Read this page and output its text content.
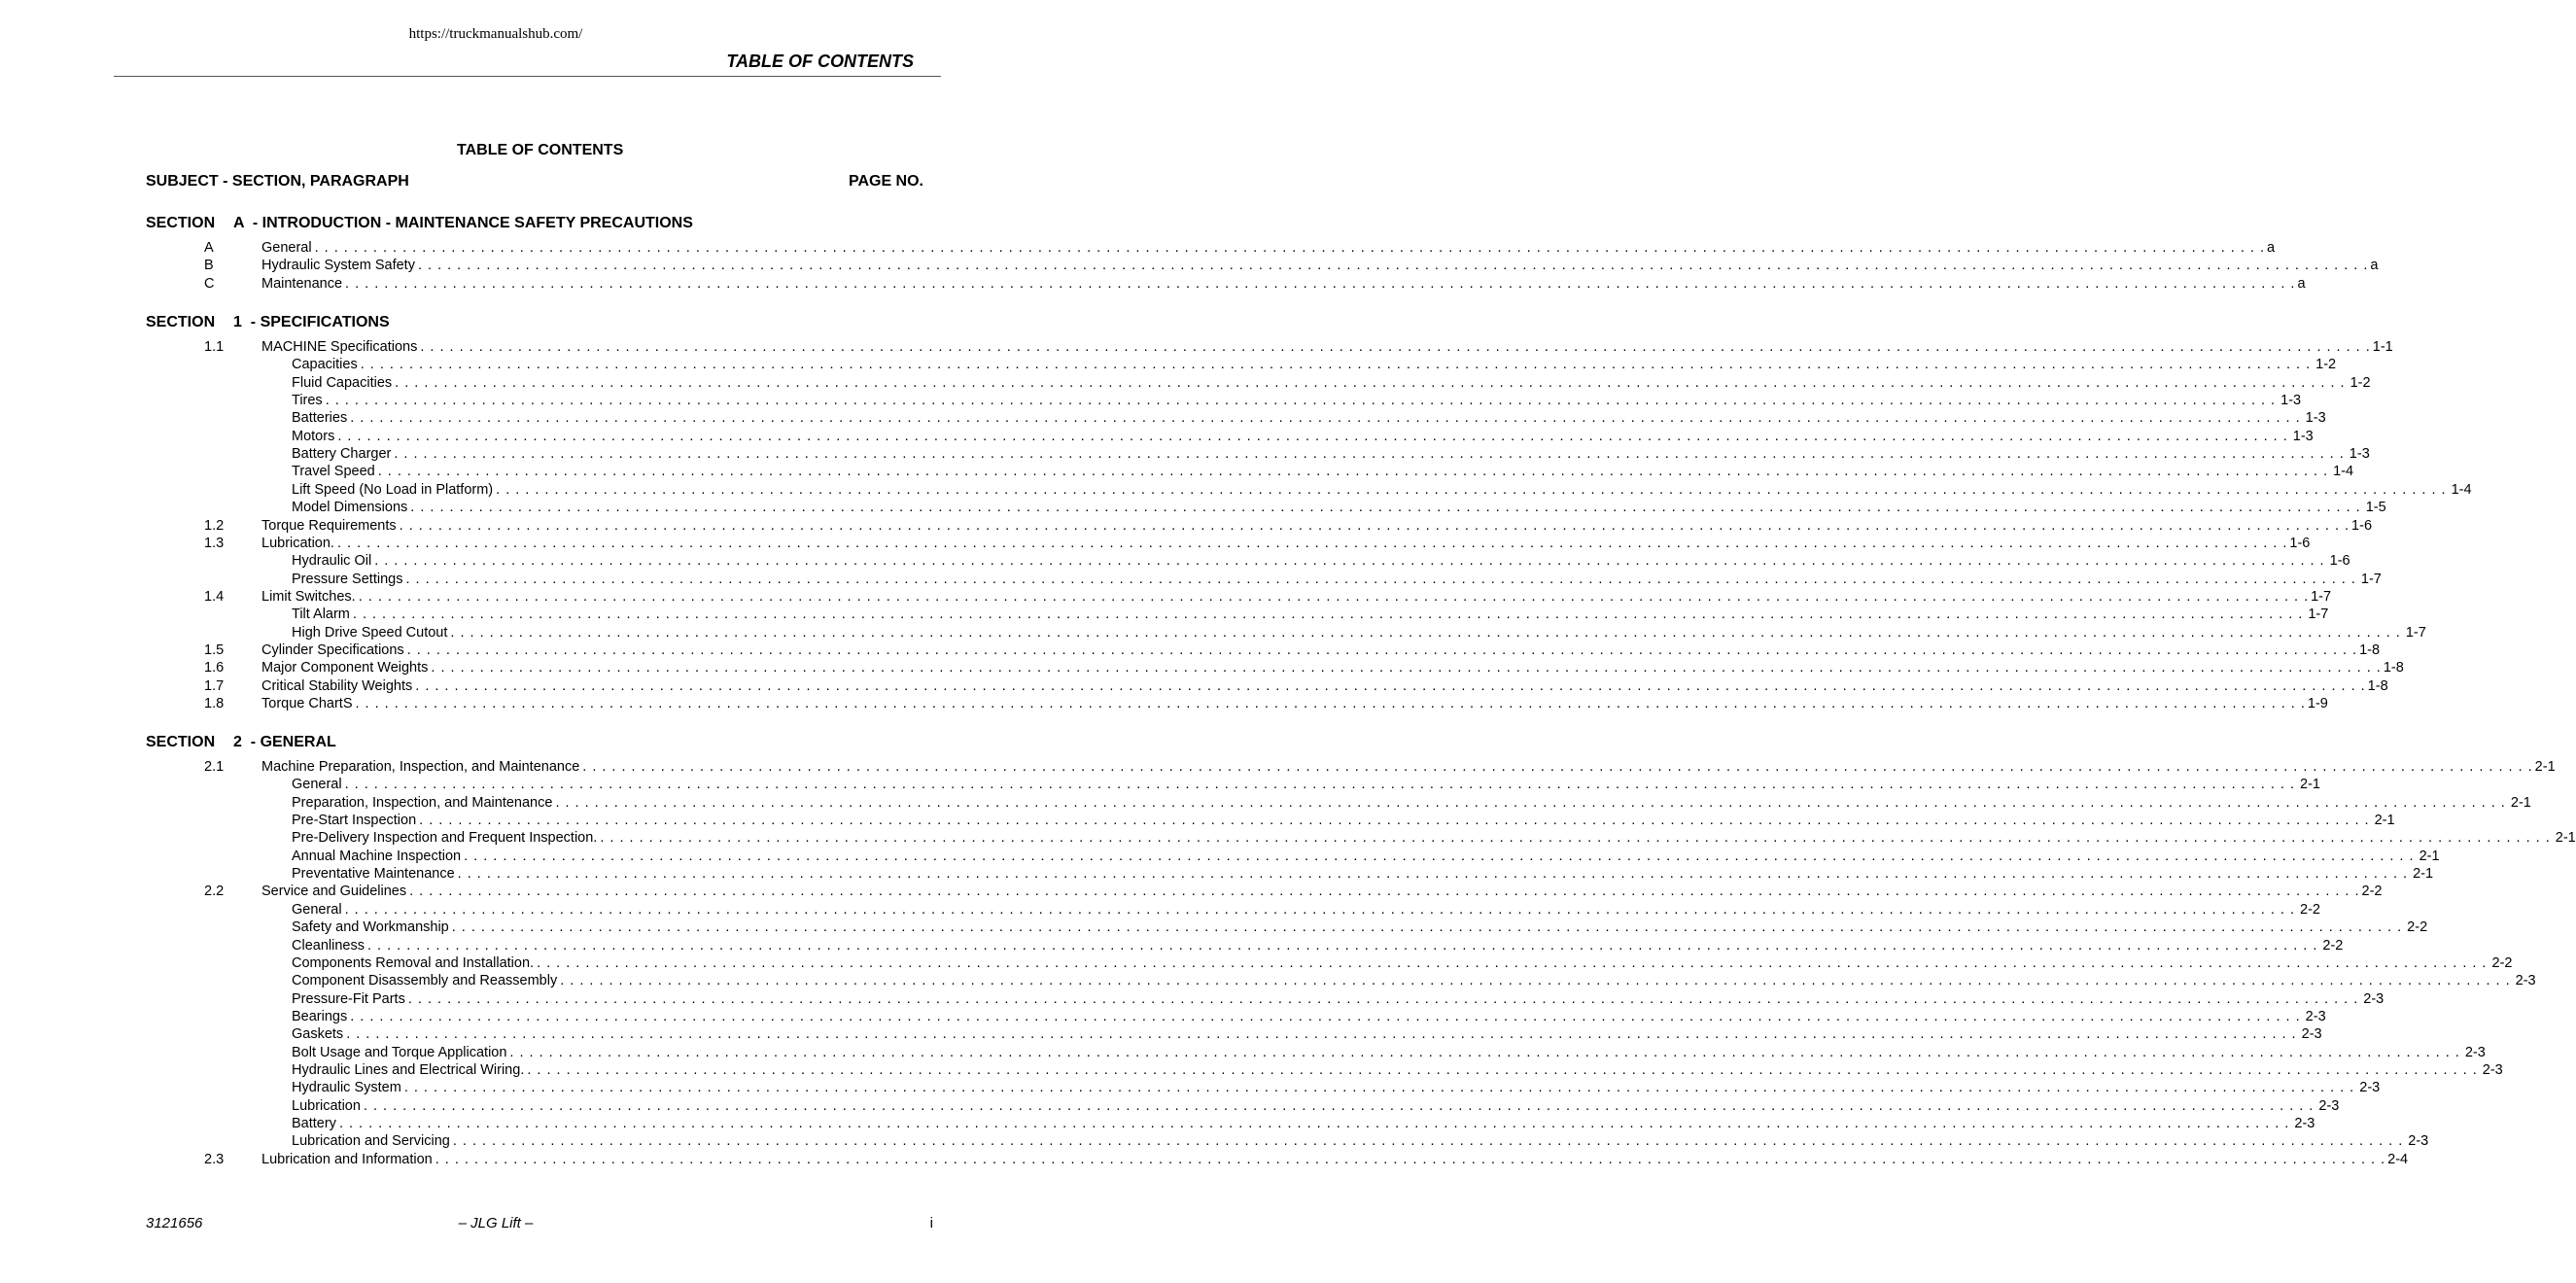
https://truckmanualshub.com/
TABLE OF CONTENTS
TABLE OF CONTENTS
SUBJECT - SECTION, PARAGRAPH	PAGE NO.
SECTION A  - INTRODUCTION - MAINTENANCE SAFETY PRECAUTIONS
A	General . . . . . . . . . . . . . . . . . . . . . . . . . . . . . . . . . . . . . . . . . . . . . . . . . . . . . . . . . . . . . . . . . . . . . . . . . . . . . . . . . . . . . . . . . . . . . . . . . . . . . . . . . . . . . . . . . . . . . . . . . . . . . . . . . . . . . . . . . . . . . . . . . . . . . . . . . . . . . . . . . . . . . . . . . . . . . . . . . . . . . . . . . . . . . . . . . . . . . . . . a
B	Hydraulic System Safety . . . . . . . . . . . . . . . . . . . . . . . . . . . . . . . . . . . . . . . . . . . . . . . . . . . . . . . . . . . . . . . . . . . . . . . . . . . . . . . . . . . . . . . . . . . . . . . . . . . . . . . . . . . . . . . . . . . . . . . . . . . . . . . . . . . . . . . . . . . . . . . . . . . . . . . . . . . . . . . . . . . . . . . . . . . . . . . . . . . . . . . . . . . . . . . . . . . . . . . . a
C	Maintenance . . . . . . . . . . . . . . . . . . . . . . . . . . . . . . . . . . . . . . . . . . . . . . . . . . . . . . . . . . . . . . . . . . . . . . . . . . . . . . . . . . . . . . . . . . . . . . . . . . . . . . . . . . . . . . . . . . . . . . . . . . . . . . . . . . . . . . . . . . . . . . . . . . . . . . . . . . . . . . . . . . . . . . . . . . . . . . . . . . . . . . . . . . . . . . . . . . . . . . . . a
SECTION 1  - SPECIFICATIONS
1.1	MACHINE Specifications . . . . . . . . . . . . . . . . . . . . . . . . . . . . . . . . . . . . . . . . . . . . . . . . . . . . . . . . . . . . . . . . . . . . . . . . . . . . . . . . . . . . . . . . . . . . . . . . . . . . . . . . . . . . . . . . . . . . . . . . . . . . . . . . . . . . . . . . . . . . . . . . . . . . . . . . . . . . . . . . . . . . . . . . . . . . . . . . . . . . . . . . . . . . . . . . . . . . . . . . 1-1
Capacities . . . . . . . . . . . . . . . . . . . . . . . . . . . . . . . . . . . . . . . . . . . . . . . . . . . . . . . . . . . . . . . . . . . . . . . . . . . . . . . . . . . . . . . . . . . . . . . . . . . . . . . . . . . . . . . . . . . . . . . . . . . . . . . . . . . . . . . . . . . . . . . . . . . . . . . . . . . . . . . . . . . . . . . . . . . . . . . . . . . . . . . . . . . . . . . . . . . . . . . . 1-2
Fluid Capacities . . . . . . . . . . . . . . . . . . . . . . . . . . . . . . . . . . . . . . . . . . . . . . . . . . . . . . . . . . . . . . . . . . . . . . . . . . . . . . . . . . . . . . . . . . . . . . . . . . . . . . . . . . . . . . . . . . . . . . . . . . . . . . . . . . . . . . . . . . . . . . . . . . . . . . . . . . . . . . . . . . . . . . . . . . . . . . . . . . . . . . . . . . . . . . . . . . . . . . . . 1-2
Tires . . . . . . . . . . . . . . . . . . . . . . . . . . . . . . . . . . . . . . . . . . . . . . . . . . . . . . . . . . . . . . . . . . . . . . . . . . . . . . . . . . . . . . . . . . . . . . . . . . . . . . . . . . . . . . . . . . . . . . . . . . . . . . . . . . . . . . . . . . . . . . . . . . . . . . . . . . . . . . . . . . . . . . . . . . . . . . . . . . . . . . . . . . . . . . . . . . . . . . . . 1-3
Batteries . . . . . . . . . . . . . . . . . . . . . . . . . . . . . . . . . . . . . . . . . . . . . . . . . . . . . . . . . . . . . . . . . . . . . . . . . . . . . . . . . . . . . . . . . . . . . . . . . . . . . . . . . . . . . . . . . . . . . . . . . . . . . . . . . . . . . . . . . . . . . . . . . . . . . . . . . . . . . . . . . . . . . . . . . . . . . . . . . . . . . . . . . . . . . . . . . . . . . . . . 1-3
Motors . . . . . . . . . . . . . . . . . . . . . . . . . . . . . . . . . . . . . . . . . . . . . . . . . . . . . . . . . . . . . . . . . . . . . . . . . . . . . . . . . . . . . . . . . . . . . . . . . . . . . . . . . . . . . . . . . . . . . . . . . . . . . . . . . . . . . . . . . . . . . . . . . . . . . . . . . . . . . . . . . . . . . . . . . . . . . . . . . . . . . . . . . . . . . . . . . . . . . . . . 1-3
Battery Charger . . . . . . . . . . . . . . . . . . . . . . . . . . . . . . . . . . . . . . . . . . . . . . . . . . . . . . . . . . . . . . . . . . . . . . . . . . . . . . . . . . . . . . . . . . . . . . . . . . . . . . . . . . . . . . . . . . . . . . . . . . . . . . . . . . . . . . . . . . . . . . . . . . . . . . . . . . . . . . . . . . . . . . . . . . . . . . . . . . . . . . . . . . . . . . . . . . . . . . . . 1-3
Travel Speed . . . . . . . . . . . . . . . . . . . . . . . . . . . . . . . . . . . . . . . . . . . . . . . . . . . . . . . . . . . . . . . . . . . . . . . . . . . . . . . . . . . . . . . . . . . . . . . . . . . . . . . . . . . . . . . . . . . . . . . . . . . . . . . . . . . . . . . . . . . . . . . . . . . . . . . . . . . . . . . . . . . . . . . . . . . . . . . . . . . . . . . . . . . . . . . . . . . . . . . . 1-4
Lift Speed (No Load in Platform) . . . . . . . . . . . . . . . . . . . . . . . . . . . . . . . . . . . . . . . . . . . . . . . . . . . . . . . . . . . . . . . . . . . . . . . . . . . . . . . . . . . . . . . . . . . . . . . . . . . . . . . . . . . . . . . . . . . . . . . . . . . . . . . . . . . . . . . . . . . . . . . . . . . . . . . . . . . . . . . . . . . . . . . . . . . . . . . . . . . . . . . . . . . . . . . . . . . . . . . . 1-4
Model Dimensions . . . . . . . . . . . . . . . . . . . . . . . . . . . . . . . . . . . . . . . . . . . . . . . . . . . . . . . . . . . . . . . . . . . . . . . . . . . . . . . . . . . . . . . . . . . . . . . . . . . . . . . . . . . . . . . . . . . . . . . . . . . . . . . . . . . . . . . . . . . . . . . . . . . . . . . . . . . . . . . . . . . . . . . . . . . . . . . . . . . . . . . . . . . . . . . . . . . . . . . . 1-5
1.2	Torque Requirements . . . . . . . . . . . . . . . . . . . . . . . . . . . . . . . . . . . . . . . . . . . . . . . . . . . . . . . . . . . . . . . . . . . . . . . . . . . . . . . . . . . . . . . . . . . . . . . . . . . . . . . . . . . . . . . . . . . . . . . . . . . . . . . . . . . . . . . . . . . . . . . . . . . . . . . . . . . . . . . . . . . . . . . . . . . . . . . . . . . . . . . . . . . . . . . . . . . . . . . . 1-6
1.3	Lubrication. . . . . . . . . . . . . . . . . . . . . . . . . . . . . . . . . . . . . . . . . . . . . . . . . . . . . . . . . . . . . . . . . . . . . . . . . . . . . . . . . . . . . . . . . . . . . . . . . . . . . . . . . . . . . . . . . . . . . . . . . . . . . . . . . . . . . . . . . . . . . . . . . . . . . . . . . . . . . . . . . . . . . . . . . . . . . . . . . . . . . . . . . . . . . . . . . . . . . . . . . 1-6
Hydraulic Oil . . . . . . . . . . . . . . . . . . . . . . . . . . . . . . . . . . . . . . . . . . . . . . . . . . . . . . . . . . . . . . . . . . . . . . . . . . . . . . . . . . . . . . . . . . . . . . . . . . . . . . . . . . . . . . . . . . . . . . . . . . . . . . . . . . . . . . . . . . . . . . . . . . . . . . . . . . . . . . . . . . . . . . . . . . . . . . . . . . . . . . . . . . . . . . . . . . . . . . . . 1-6
Pressure Settings . . . . . . . . . . . . . . . . . . . . . . . . . . . . . . . . . . . . . . . . . . . . . . . . . . . . . . . . . . . . . . . . . . . . . . . . . . . . . . . . . . . . . . . . . . . . . . . . . . . . . . . . . . . . . . . . . . . . . . . . . . . . . . . . . . . . . . . . . . . . . . . . . . . . . . . . . . . . . . . . . . . . . . . . . . . . . . . . . . . . . . . . . . . . . . . . . . . . . . . . 1-7
1.4	Limit Switches. . . . . . . . . . . . . . . . . . . . . . . . . . . . . . . . . . . . . . . . . . . . . . . . . . . . . . . . . . . . . . . . . . . . . . . . . . . . . . . . . . . . . . . . . . . . . . . . . . . . . . . . . . . . . . . . . . . . . . . . . . . . . . . . . . . . . . . . . . . . . . . . . . . . . . . . . . . . . . . . . . . . . . . . . . . . . . . . . . . . . . . . . . . . . . . . . . . . . . . . . 1-7
Tilt Alarm . . . . . . . . . . . . . . . . . . . . . . . . . . . . . . . . . . . . . . . . . . . . . . . . . . . . . . . . . . . . . . . . . . . . . . . . . . . . . . . . . . . . . . . . . . . . . . . . . . . . . . . . . . . . . . . . . . . . . . . . . . . . . . . . . . . . . . . . . . . . . . . . . . . . . . . . . . . . . . . . . . . . . . . . . . . . . . . . . . . . . . . . . . . . . . . . . . . . . . . . 1-7
High Drive Speed Cutout . . . . . . . . . . . . . . . . . . . . . . . . . . . . . . . . . . . . . . . . . . . . . . . . . . . . . . . . . . . . . . . . . . . . . . . . . . . . . . . . . . . . . . . . . . . . . . . . . . . . . . . . . . . . . . . . . . . . . . . . . . . . . . . . . . . . . . . . . . . . . . . . . . . . . . . . . . . . . . . . . . . . . . . . . . . . . . . . . . . . . . . . . . . . . . . . . . . . . . . . 1-7
1.5	Cylinder Specifications . . . . . . . . . . . . . . . . . . . . . . . . . . . . . . . . . . . . . . . . . . . . . . . . . . . . . . . . . . . . . . . . . . . . . . . . . . . . . . . . . . . . . . . . . . . . . . . . . . . . . . . . . . . . . . . . . . . . . . . . . . . . . . . . . . . . . . . . . . . . . . . . . . . . . . . . . . . . . . . . . . . . . . . . . . . . . . . . . . . . . . . . . . . . . . . . . . . . . . . . 1-8
1.6	Major Component Weights . . . . . . . . . . . . . . . . . . . . . . . . . . . . . . . . . . . . . . . . . . . . . . . . . . . . . . . . . . . . . . . . . . . . . . . . . . . . . . . . . . . . . . . . . . . . . . . . . . . . . . . . . . . . . . . . . . . . . . . . . . . . . . . . . . . . . . . . . . . . . . . . . . . . . . . . . . . . . . . . . . . . . . . . . . . . . . . . . . . . . . . . . . . . . . . . . . . . . . . . 1-8
1.7	Critical Stability Weights . . . . . . . . . . . . . . . . . . . . . . . . . . . . . . . . . . . . . . . . . . . . . . . . . . . . . . . . . . . . . . . . . . . . . . . . . . . . . . . . . . . . . . . . . . . . . . . . . . . . . . . . . . . . . . . . . . . . . . . . . . . . . . . . . . . . . . . . . . . . . . . . . . . . . . . . . . . . . . . . . . . . . . . . . . . . . . . . . . . . . . . . . . . . . . . . . . . . . . . . 1-8
1.8	Torque ChartS . . . . . . . . . . . . . . . . . . . . . . . . . . . . . . . . . . . . . . . . . . . . . . . . . . . . . . . . . . . . . . . . . . . . . . . . . . . . . . . . . . . . . . . . . . . . . . . . . . . . . . . . . . . . . . . . . . . . . . . . . . . . . . . . . . . . . . . . . . . . . . . . . . . . . . . . . . . . . . . . . . . . . . . . . . . . . . . . . . . . . . . . . . . . . . . . . . . . . . . . 1-9
SECTION 2  - GENERAL
2.1	Machine Preparation, Inspection, and Maintenance . . . . . . . . . . . . . . . . . . . . . . . . . . . . . . . . . . . . . . . . . . . . . . . . . . . . . . . . . . . . . . . . . . . . . . . . . . . . . . . . . . . . . . . . . . . . . . . . . . . . . . . . . . . . . . . . . . . . . . . . . . . . . . . . . . . . . . . . . . . . . . . . . . . . . . . . . . . . . . . . . . . . . . . . . . . . . . . . . . . . . . . . . . . . . . . . . . . . . . . . 2-1
General . . . . . . . . . . . . . . . . . . . . . . . . . . . . . . . . . . . . . . . . . . . . . . . . . . . . . . . . . . . . . . . . . . . . . . . . . . . . . . . . . . . . . . . . . . . . . . . . . . . . . . . . . . . . . . . . . . . . . . . . . . . . . . . . . . . . . . . . . . . . . . . . . . . . . . . . . . . . . . . . . . . . . . . . . . . . . . . . . . . . . . . . . . . . . . . . . . . . . . . . 2-1
Preparation, Inspection, and Maintenance . . . . . . . . . . . . . . . . . . . . . . . . . . . . . . . . . . . . . . . . . . . . . . . . . . . . . . . . . . . . . . . . . . . . . . . . . . . . . . . . . . . . . . . . . . . . . . . . . . . . . . . . . . . . . . . . . . . . . . . . . . . . . . . . . . . . . . . . . . . . . . . . . . . . . . . . . . . . . . . . . . . . . . . . . . . . . . . . . . . . . . . . . . . . . . . . . . . . . . . . 2-1
Pre-Start Inspection . . . . . . . . . . . . . . . . . . . . . . . . . . . . . . . . . . . . . . . . . . . . . . . . . . . . . . . . . . . . . . . . . . . . . . . . . . . . . . . . . . . . . . . . . . . . . . . . . . . . . . . . . . . . . . . . . . . . . . . . . . . . . . . . . . . . . . . . . . . . . . . . . . . . . . . . . . . . . . . . . . . . . . . . . . . . . . . . . . . . . . . . . . . . . . . . . . . . . . . . 2-1
Pre-Delivery Inspection and Frequent Inspection. . . . . . . . . . . . . . . . . . . . . . . . . . . . . . . . . . . . . . . . . . . . . . . . . . . . . . . . . . . . . . . . . . . . . . . . . . . . . . . . . . . . . . . . . . . . . . . . . . . . . . . . . . . . . . . . . . . . . . . . . . . . . . . . . . . . . . . . . . . . . . . . . . . . . . . . . . . . . . . . . . . . . . . . . . . . . . . . . . . . . . . . . . . . . . . . . . . . . . . . . 2-1
Annual Machine Inspection . . . . . . . . . . . . . . . . . . . . . . . . . . . . . . . . . . . . . . . . . . . . . . . . . . . . . . . . . . . . . . . . . . . . . . . . . . . . . . . . . . . . . . . . . . . . . . . . . . . . . . . . . . . . . . . . . . . . . . . . . . . . . . . . . . . . . . . . . . . . . . . . . . . . . . . . . . . . . . . . . . . . . . . . . . . . . . . . . . . . . . . . . . . . . . . . . . . . . . . . 2-1
Preventative Maintenance . . . . . . . . . . . . . . . . . . . . . . . . . . . . . . . . . . . . . . . . . . . . . . . . . . . . . . . . . . . . . . . . . . . . . . . . . . . . . . . . . . . . . . . . . . . . . . . . . . . . . . . . . . . . . . . . . . . . . . . . . . . . . . . . . . . . . . . . . . . . . . . . . . . . . . . . . . . . . . . . . . . . . . . . . . . . . . . . . . . . . . . . . . . . . . . . . . . . . . . . 2-1
2.2	Service and Guidelines . . . . . . . . . . . . . . . . . . . . . . . . . . . . . . . . . . . . . . . . . . . . . . . . . . . . . . . . . . . . . . . . . . . . . . . . . . . . . . . . . . . . . . . . . . . . . . . . . . . . . . . . . . . . . . . . . . . . . . . . . . . . . . . . . . . . . . . . . . . . . . . . . . . . . . . . . . . . . . . . . . . . . . . . . . . . . . . . . . . . . . . . . . . . . . . . . . . . . . . . 2-2
General . . . . . . . . . . . . . . . . . . . . . . . . . . . . . . . . . . . . . . . . . . . . . . . . . . . . . . . . . . . . . . . . . . . . . . . . . . . . . . . . . . . . . . . . . . . . . . . . . . . . . . . . . . . . . . . . . . . . . . . . . . . . . . . . . . . . . . . . . . . . . . . . . . . . . . . . . . . . . . . . . . . . . . . . . . . . . . . . . . . . . . . . . . . . . . . . . . . . . . . . 2-2
Safety and Workmanship . . . . . . . . . . . . . . . . . . . . . . . . . . . . . . . . . . . . . . . . . . . . . . . . . . . . . . . . . . . . . . . . . . . . . . . . . . . . . . . . . . . . . . . . . . . . . . . . . . . . . . . . . . . . . . . . . . . . . . . . . . . . . . . . . . . . . . . . . . . . . . . . . . . . . . . . . . . . . . . . . . . . . . . . . . . . . . . . . . . . . . . . . . . . . . . . . . . . . . . . 2-2
Cleanliness . . . . . . . . . . . . . . . . . . . . . . . . . . . . . . . . . . . . . . . . . . . . . . . . . . . . . . . . . . . . . . . . . . . . . . . . . . . . . . . . . . . . . . . . . . . . . . . . . . . . . . . . . . . . . . . . . . . . . . . . . . . . . . . . . . . . . . . . . . . . . . . . . . . . . . . . . . . . . . . . . . . . . . . . . . . . . . . . . . . . . . . . . . . . . . . . . . . . . . . . 2-2
Components Removal and Installation. . . . . . . . . . . . . . . . . . . . . . . . . . . . . . . . . . . . . . . . . . . . . . . . . . . . . . . . . . . . . . . . . . . . . . . . . . . . . . . . . . . . . . . . . . . . . . . . . . . . . . . . . . . . . . . . . . . . . . . . . . . . . . . . . . . . . . . . . . . . . . . . . . . . . . . . . . . . . . . . . . . . . . . . . . . . . . . . . . . . . . . . . . . . . . . . . . . . . . . . . 2-2
Component Disassembly and Reassembly . . . . . . . . . . . . . . . . . . . . . . . . . . . . . . . . . . . . . . . . . . . . . . . . . . . . . . . . . . . . . . . . . . . . . . . . . . . . . . . . . . . . . . . . . . . . . . . . . . . . . . . . . . . . . . . . . . . . . . . . . . . . . . . . . . . . . . . . . . . . . . . . . . . . . . . . . . . . . . . . . . . . . . . . . . . . . . . . . . . . . . . . . . . . . . . . . . . . . . . . 2-3
Pressure-Fit Parts . . . . . . . . . . . . . . . . . . . . . . . . . . . . . . . . . . . . . . . . . . . . . . . . . . . . . . . . . . . . . . . . . . . . . . . . . . . . . . . . . . . . . . . . . . . . . . . . . . . . . . . . . . . . . . . . . . . . . . . . . . . . . . . . . . . . . . . . . . . . . . . . . . . . . . . . . . . . . . . . . . . . . . . . . . . . . . . . . . . . . . . . . . . . . . . . . . . . . . . . 2-3
Bearings . . . . . . . . . . . . . . . . . . . . . . . . . . . . . . . . . . . . . . . . . . . . . . . . . . . . . . . . . . . . . . . . . . . . . . . . . . . . . . . . . . . . . . . . . . . . . . . . . . . . . . . . . . . . . . . . . . . . . . . . . . . . . . . . . . . . . . . . . . . . . . . . . . . . . . . . . . . . . . . . . . . . . . . . . . . . . . . . . . . . . . . . . . . . . . . . . . . . . . . . 2-3
Gaskets . . . . . . . . . . . . . . . . . . . . . . . . . . . . . . . . . . . . . . . . . . . . . . . . . . . . . . . . . . . . . . . . . . . . . . . . . . . . . . . . . . . . . . . . . . . . . . . . . . . . . . . . . . . . . . . . . . . . . . . . . . . . . . . . . . . . . . . . . . . . . . . . . . . . . . . . . . . . . . . . . . . . . . . . . . . . . . . . . . . . . . . . . . . . . . . . . . . . . . . . 2-3
Bolt Usage and Torque Application . . . . . . . . . . . . . . . . . . . . . . . . . . . . . . . . . . . . . . . . . . . . . . . . . . . . . . . . . . . . . . . . . . . . . . . . . . . . . . . . . . . . . . . . . . . . . . . . . . . . . . . . . . . . . . . . . . . . . . . . . . . . . . . . . . . . . . . . . . . . . . . . . . . . . . . . . . . . . . . . . . . . . . . . . . . . . . . . . . . . . . . . . . . . . . . . . . . . . . . . 2-3
Hydraulic Lines and Electrical Wiring. . . . . . . . . . . . . . . . . . . . . . . . . . . . . . . . . . . . . . . . . . . . . . . . . . . . . . . . . . . . . . . . . . . . . . . . . . . . . . . . . . . . . . . . . . . . . . . . . . . . . . . . . . . . . . . . . . . . . . . . . . . . . . . . . . . . . . . . . . . . . . . . . . . . . . . . . . . . . . . . . . . . . . . . . . . . . . . . . . . . . . . . . . . . . . . . . . . . . . . . . 2-3
Hydraulic System . . . . . . . . . . . . . . . . . . . . . . . . . . . . . . . . . . . . . . . . . . . . . . . . . . . . . . . . . . . . . . . . . . . . . . . . . . . . . . . . . . . . . . . . . . . . . . . . . . . . . . . . . . . . . . . . . . . . . . . . . . . . . . . . . . . . . . . . . . . . . . . . . . . . . . . . . . . . . . . . . . . . . . . . . . . . . . . . . . . . . . . . . . . . . . . . . . . . . . . . 2-3
Lubrication . . . . . . . . . . . . . . . . . . . . . . . . . . . . . . . . . . . . . . . . . . . . . . . . . . . . . . . . . . . . . . . . . . . . . . . . . . . . . . . . . . . . . . . . . . . . . . . . . . . . . . . . . . . . . . . . . . . . . . . . . . . . . . . . . . . . . . . . . . . . . . . . . . . . . . . . . . . . . . . . . . . . . . . . . . . . . . . . . . . . . . . . . . . . . . . . . . . . . . . . 2-3
Battery . . . . . . . . . . . . . . . . . . . . . . . . . . . . . . . . . . . . . . . . . . . . . . . . . . . . . . . . . . . . . . . . . . . . . . . . . . . . . . . . . . . . . . . . . . . . . . . . . . . . . . . . . . . . . . . . . . . . . . . . . . . . . . . . . . . . . . . . . . . . . . . . . . . . . . . . . . . . . . . . . . . . . . . . . . . . . . . . . . . . . . . . . . . . . . . . . . . . . . . . 2-3
Lubrication and Servicing . . . . . . . . . . . . . . . . . . . . . . . . . . . . . . . . . . . . . . . . . . . . . . . . . . . . . . . . . . . . . . . . . . . . . . . . . . . . . . . . . . . . . . . . . . . . . . . . . . . . . . . . . . . . . . . . . . . . . . . . . . . . . . . . . . . . . . . . . . . . . . . . . . . . . . . . . . . . . . . . . . . . . . . . . . . . . . . . . . . . . . . . . . . . . . . . . . . . . . . . 2-3
2.3	Lubrication and Information . . . . . . . . . . . . . . . . . . . . . . . . . . . . . . . . . . . . . . . . . . . . . . . . . . . . . . . . . . . . . . . . . . . . . . . . . . . . . . . . . . . . . . . . . . . . . . . . . . . . . . . . . . . . . . . . . . . . . . . . . . . . . . . . . . . . . . . . . . . . . . . . . . . . . . . . . . . . . . . . . . . . . . . . . . . . . . . . . . . . . . . . . . . . . . . . . . . . . . . . 2-4
3121656	– JLG Lift –	i
